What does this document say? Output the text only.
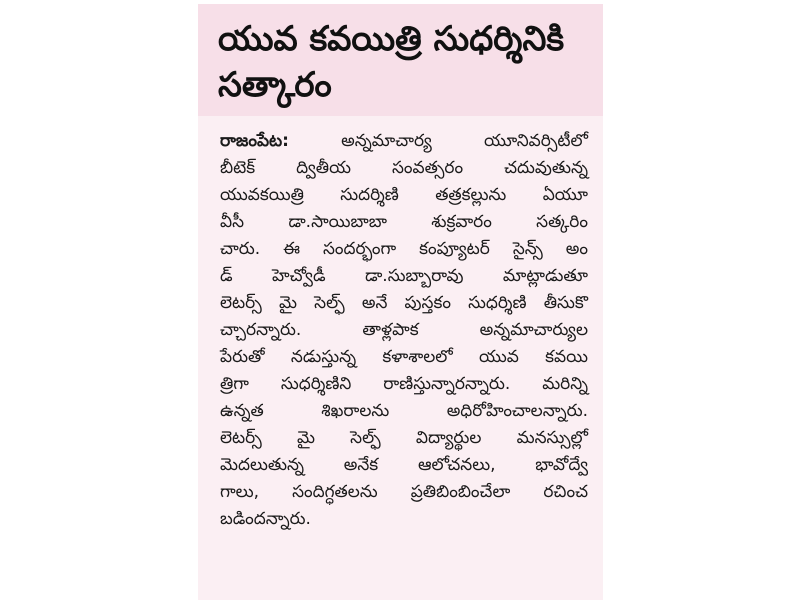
యువ కవయిత్రి సుధర్శినికి
సత్కారం
రాజంపేట: అన్నమాచార్య యూనివర్సిటీలో
బీటెక్ ద్వితీయ సంవత్సరం చదువుతున్న
యువకయిత్రి సుదర్శిణి తత్రకల్లును ఏయూ
వీసీ డా.సాయిబాబా శుక్రవారం సత్కరిం
చారు. ఈ సందర్భంగా కంప్యూటర్ సైన్స్ అం
డ్ హెచ్వోడీ డా.సుబ్బారావు మాట్లాడుతూ
లెటర్స్ మై సెల్ఫ్ అనే పుస్తకం సుధర్శిణి తీసుకొ
చ్చారన్నారు. తాళ్లపాక అన్నమాచార్యుల
పేరుతో నడుస్తున్న కళాశాలలో యువ కవయి
త్రిగా సుధర్శిణిని రాణిస్తున్నారన్నారు. మరిన్ని
ఉన్నత శిఖరాలను అధిరోహించాలన్నారు.
లెటర్స్ మై సెల్ఫ్ విద్యార్థుల మనస్సుల్లో
మెదలుతున్న అనేక ఆలోచనలు, భావోద్వే
గాలు, సందిగ్ధతలను ప్రతిబింబించేలా రచించ
బడిందన్నారు.
